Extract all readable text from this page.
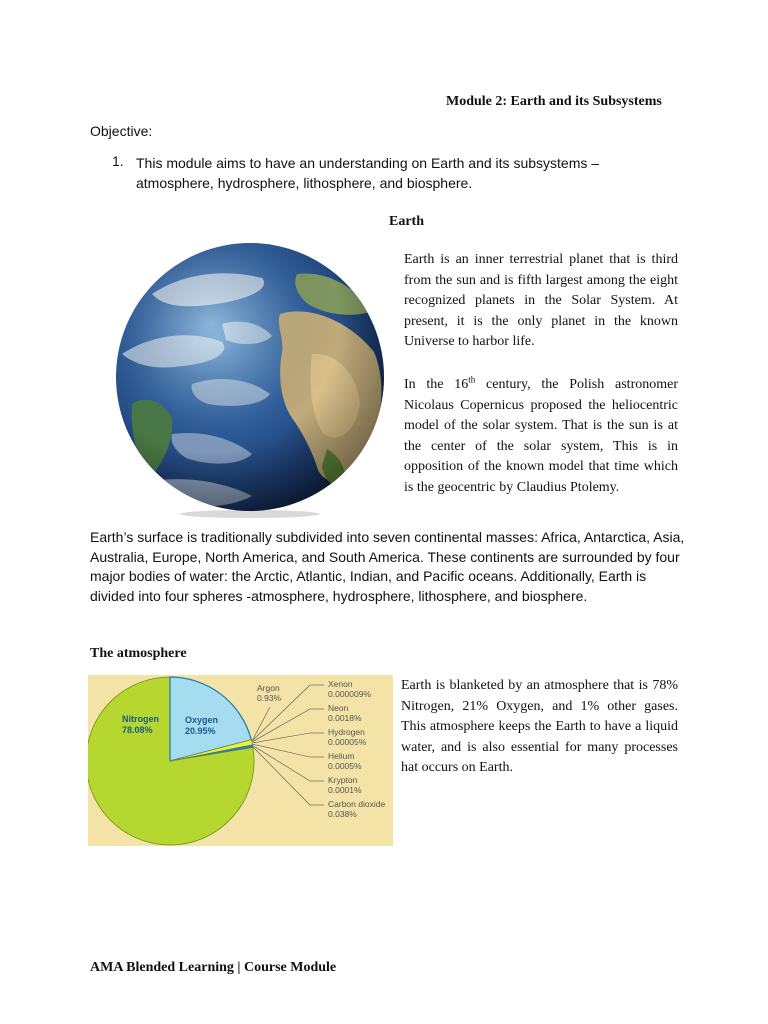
Module 2: Earth and its Subsystems
Objective:
1. This module aims to have an understanding on Earth and its subsystems –atmosphere, hydrosphere, lithosphere, and biosphere.
Earth
Earth is an inner terrestrial planet that is third from the sun and is fifth largest among the eight recognized planets in the Solar System. At present, it is the only planet in the known Universe to harbor life.
In the 16th century, the Polish astronomer Nicolaus Copernicus proposed the heliocentric model of the solar system. That is the sun is at the center of the solar system, This is in opposition of the known model that time which is the geocentric by Claudius Ptolemy.
Earth’s surface is traditionally subdivided into seven continental masses: Africa, Antarctica, Asia, Australia, Europe, North America, and South America. These continents are surrounded by four major bodies of water: the Arctic, Atlantic, Indian, and Pacific oceans. Additionally, Earth is divided into four spheres -atmosphere, hydrosphere, lithosphere, and biosphere.
The atmosphere
Nitrogen
78.08%
Oxygen
20.95%
Argon
0.93%
Xenon
0.000009%
Neon
0.0018%
Hydrogen
0.00005%
Helium
0.0005%
Krypton
0.0001%
Carbon dioxide
0.038%
Earth is blanketed by an atmosphere that is 78% Nitrogen, 21% Oxygen, and 1% other gases. This atmosphere keeps the Earth to have a liquid water, and is also essential for many processes hat occurs on Earth.
AMA Blended Learning | Course Module
